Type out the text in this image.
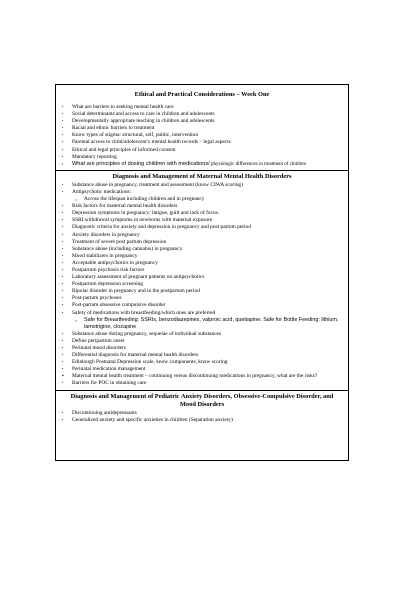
Ethical and Practical Considerations – Week One
• What are barriers to seeking mental health care
• Social determinants and access to care in children and adolescents
• Developmentally appropriate teaching in children and adolescents
• Racial and ethnic barriers to treatment
• Know types of stigma: structural, self, public, intervention
• Parental access to child/adolescent’s mental health records – legal aspects
• Ethical and legal principles of informed consent
• Mandatory reporting
• What are principles of dosing children with medications/ physiologic differences in treatment of children
Diagnosis and Management of Maternal Mental Health Disorders
• Substance abuse in pregnancy, treatment and assessment (know CIWA scoring)
• Antipsychotic medications:
○ Across the lifespan including children and in pregnancy
• Risk factors for maternal mental health disorders
• Depression symptoms in pregnancy: fatigue, guilt and lack of focus.
• SSRI withdrawal symptoms in newborns with maternal exposure
• Diagnostic criteria for anxiety and depression in pregnancy and post partum period
• Anxiety disorders in pregnancy
• Treatment of severe post partum depression
• Substance abuse (including cannabis) in pregnancy.
• Mood stabilizers in pregnancy
• Acceptable antipsychotics in pregnancy
• Postpartum psychosis risk factors
• Laboratory assessment of pregnant patients on antipsychotics
• Postpartum depression screening
• Bipolar disorder in pregnancy and in the postpartum period
• Post-partum psychoses
• Post-partum obsessive compulsive disorder
• Safety of medications with breastfeeding/which ones are preferred
○ Safe for Breastfeeding: SSRIs, benzodiazepines, valproic acid, quetiapine. Safe for Bottle Feeding: lithium, lamotrigine, clozapine
• Substance abuse during pregnancy, sequelae of individual substances
• Define peripartum onset
• Perinatal mood disorders
• Differential diagnosis for maternal mental health disorders
• Edinburgh Postnatal Depression scale, know components, know scoring
• Perinatal medication management
▪ Maternal mental health treatment – continuing versus discontinuing medications in pregnancy, what are the risks?
• Barriers for POC in obtaining care
Diagnosis and Management of Pediatric Anxiety Disorders, Obsessive-Compulsive Disorder, and Mood Disorders
• Discontinuing antidepressants
• Generalized anxiety and specific anxieties in children (Separation anxiety)
